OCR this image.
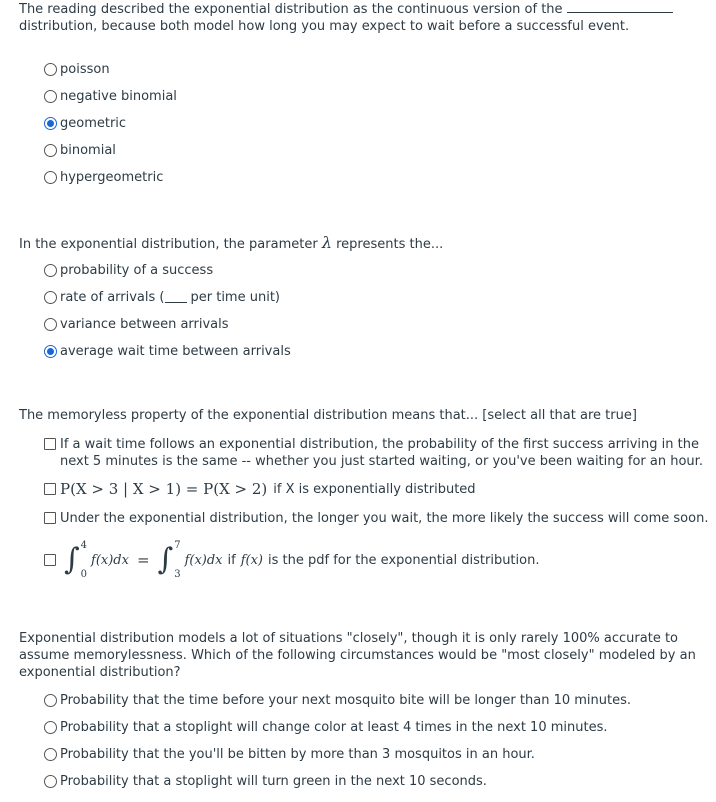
The reading described the exponential distribution as the continuous version of the
distribution, because both model how long you may expect to wait before a successful event.

poisson
negative binomial
geometric
binomial
hypergeometric

In the exponential distribution, the parameter λ represents the...

probability of a success
rate of arrivals ( per time unit)
variance between arrivals
average wait time between arrivals

The memoryless property of the exponential distribution means that... [select all that are true]

If a wait time follows an exponential distribution, the probability of the first success arriving in the
next 5 minutes is the same -- whether you just started waiting, or you've been waiting for an hour.
P(X > 3 | X > 1) = P(X > 2) if X is exponentially distributed
Under the exponential distribution, the longer you wait, the more likely the success will come soon.
∫ 4
0
f(x)dx = ∫ 7
3
f(x)dx if f(x) is the pdf for the exponential distribution.

Exponential distribution models a lot of situations "closely", though it is only rarely 100% accurate to
assume memorylessness. Which of the following circumstances would be "most closely" modeled by an
exponential distribution?

Probability that the time before your next mosquito bite will be longer than 10 minutes.
Probability that a stoplight will change color at least 4 times in the next 10 minutes.
Probability that the you'll be bitten by more than 3 mosquitos in an hour.
Probability that a stoplight will turn green in the next 10 seconds.
